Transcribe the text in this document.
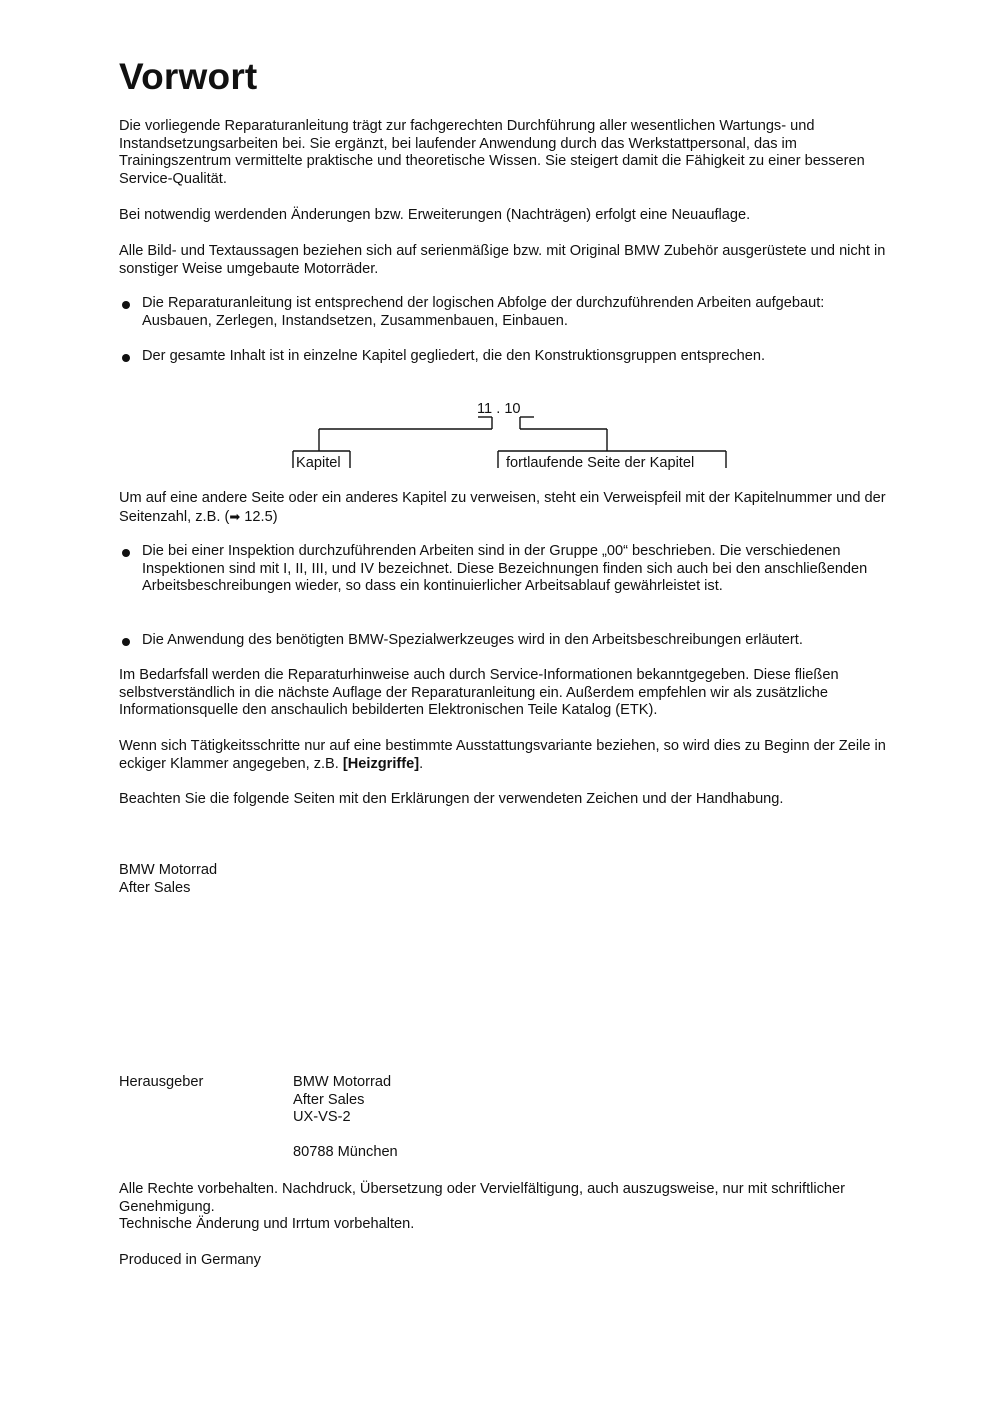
Vorwort

Die vorliegende Reparaturanleitung trägt zur fachgerechten Durchführung aller wesentlichen Wartungs- und Instandsetzungsarbeiten bei. Sie ergänzt, bei laufender Anwendung durch das Werkstattpersonal, das im Trainingszentrum vermittelte praktische und theoretische Wissen. Sie steigert damit die Fähigkeit zu einer besseren Service-Qualität.

Bei notwendig werdenden Änderungen bzw. Erweiterungen (Nachträgen) erfolgt eine Neuauflage.

Alle Bild- und Textaussagen beziehen sich auf serienmäßige bzw. mit Original BMW Zubehör ausgerüstete und nicht in sonstiger Weise umgebaute Motorräder.

Die Reparaturanleitung ist entsprechend der logischen Abfolge der durchzuführenden Arbeiten aufgebaut: Ausbauen, Zerlegen, Instandsetzen, Zusammenbauen, Einbauen.
Der gesamte Inhalt ist in einzelne Kapitel gegliedert, die den Konstruktionsgruppen entsprechen.
11 . 10
Kapitel	fortlaufende Seite der Kapitel

Um auf eine andere Seite oder ein anderes Kapitel zu verweisen, steht ein Verweispfeil mit der Kapitelnummer und der Seitenzahl, z.B. (➡ 12.5)

Die bei einer Inspektion durchzuführenden Arbeiten sind in der Gruppe „00“ beschrieben. Die verschiedenen Inspektionen sind mit I, II, III, und IV bezeichnet. Diese Bezeichnungen finden sich auch bei den anschließenden Arbeitsbeschreibungen wieder, so dass ein kontinuierlicher Arbeitsablauf gewährleistet ist.
Die Anwendung des benötigten BMW-Spezialwerkzeuges wird in den Arbeitsbeschreibungen erläutert.

Im Bedarfsfall werden die Reparaturhinweise auch durch Service-Informationen bekanntgegeben. Diese fließen selbstverständlich in die nächste Auflage der Reparaturanleitung ein. Außerdem empfehlen wir als zusätzliche Informationsquelle den anschaulich bebilderten Elektronischen Teile Katalog (ETK).

Wenn sich Tätigkeitsschritte nur auf eine bestimmte Ausstattungsvariante beziehen, so wird dies zu Beginn der Zeile in eckiger Klammer angegeben, z.B. [Heizgriffe].

Beachten Sie die folgende Seiten mit den Erklärungen der verwendeten Zeichen und der Handhabung.

BMW Motorrad
After Sales
Herausgeber	BMW Motorrad
After Sales
UX-VS-2
80788 München
Alle Rechte vorbehalten. Nachdruck, Übersetzung oder Vervielfältigung, auch auszugsweise, nur mit schriftlicher Genehmigung.
Technische Änderung und Irrtum vorbehalten.

Produced in Germany
